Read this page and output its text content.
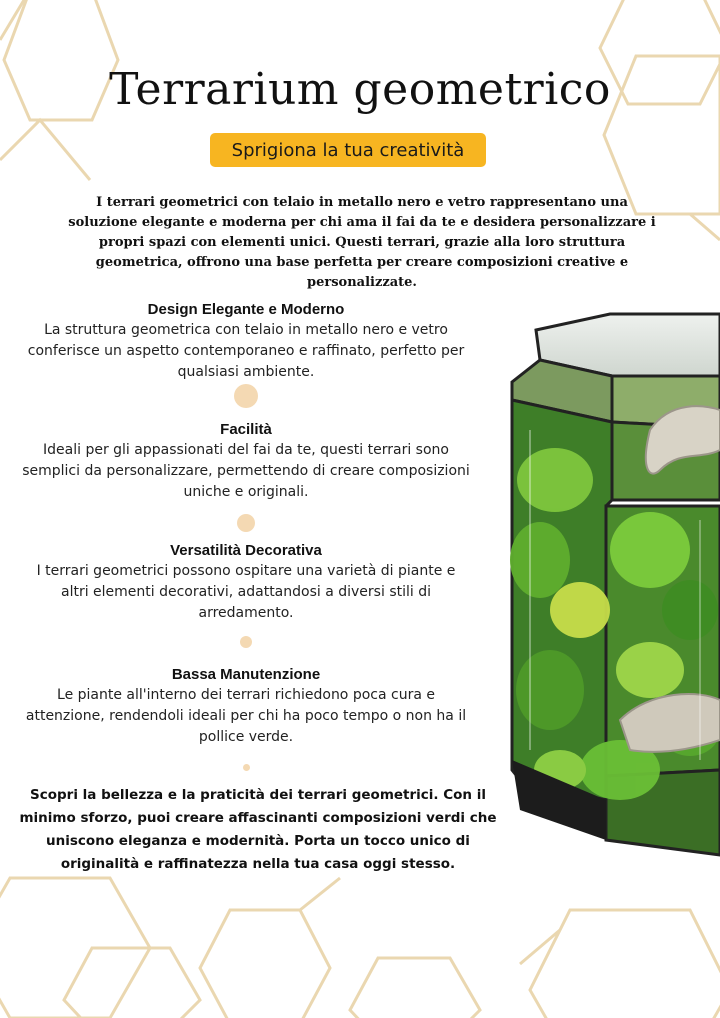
Terrarium geometrico
Sprigiona la tua creatività

I terrari geometrici con telaio in metallo nero e vetro rappresentano una soluzione elegante e moderna per chi ama il fai da te e desidera personalizzare i propri spazi con elementi unici. Questi terrari, grazie alla loro struttura geometrica, offrono una base perfetta per creare composizioni creative e personalizzate.

Design Elegante e Moderno

La struttura geometrica con telaio in metallo nero e vetro conferisce un aspetto contemporaneo e raffinato, perfetto per qualsiasi ambiente.

Facilità

Ideali per gli appassionati del fai da te, questi terrari sono semplici da personalizzare, permettendo di creare composizioni uniche e originali.

Versatilità Decorativa

I terrari geometrici possono ospitare una varietà di piante e altri elementi decorativi, adattandosi a diversi stili di arredamento.

Bassa Manutenzione

Le piante all'interno dei terrari richiedono poca cura e attenzione, rendendoli ideali per chi ha poco tempo o non ha il pollice verde.

Scopri la bellezza e la praticità dei terrari geometrici. Con il minimo sforzo, puoi creare affascinanti composizioni verdi che uniscono eleganza e modernità. Porta un tocco unico di originalità e raffinatezza nella tua casa oggi stesso.
